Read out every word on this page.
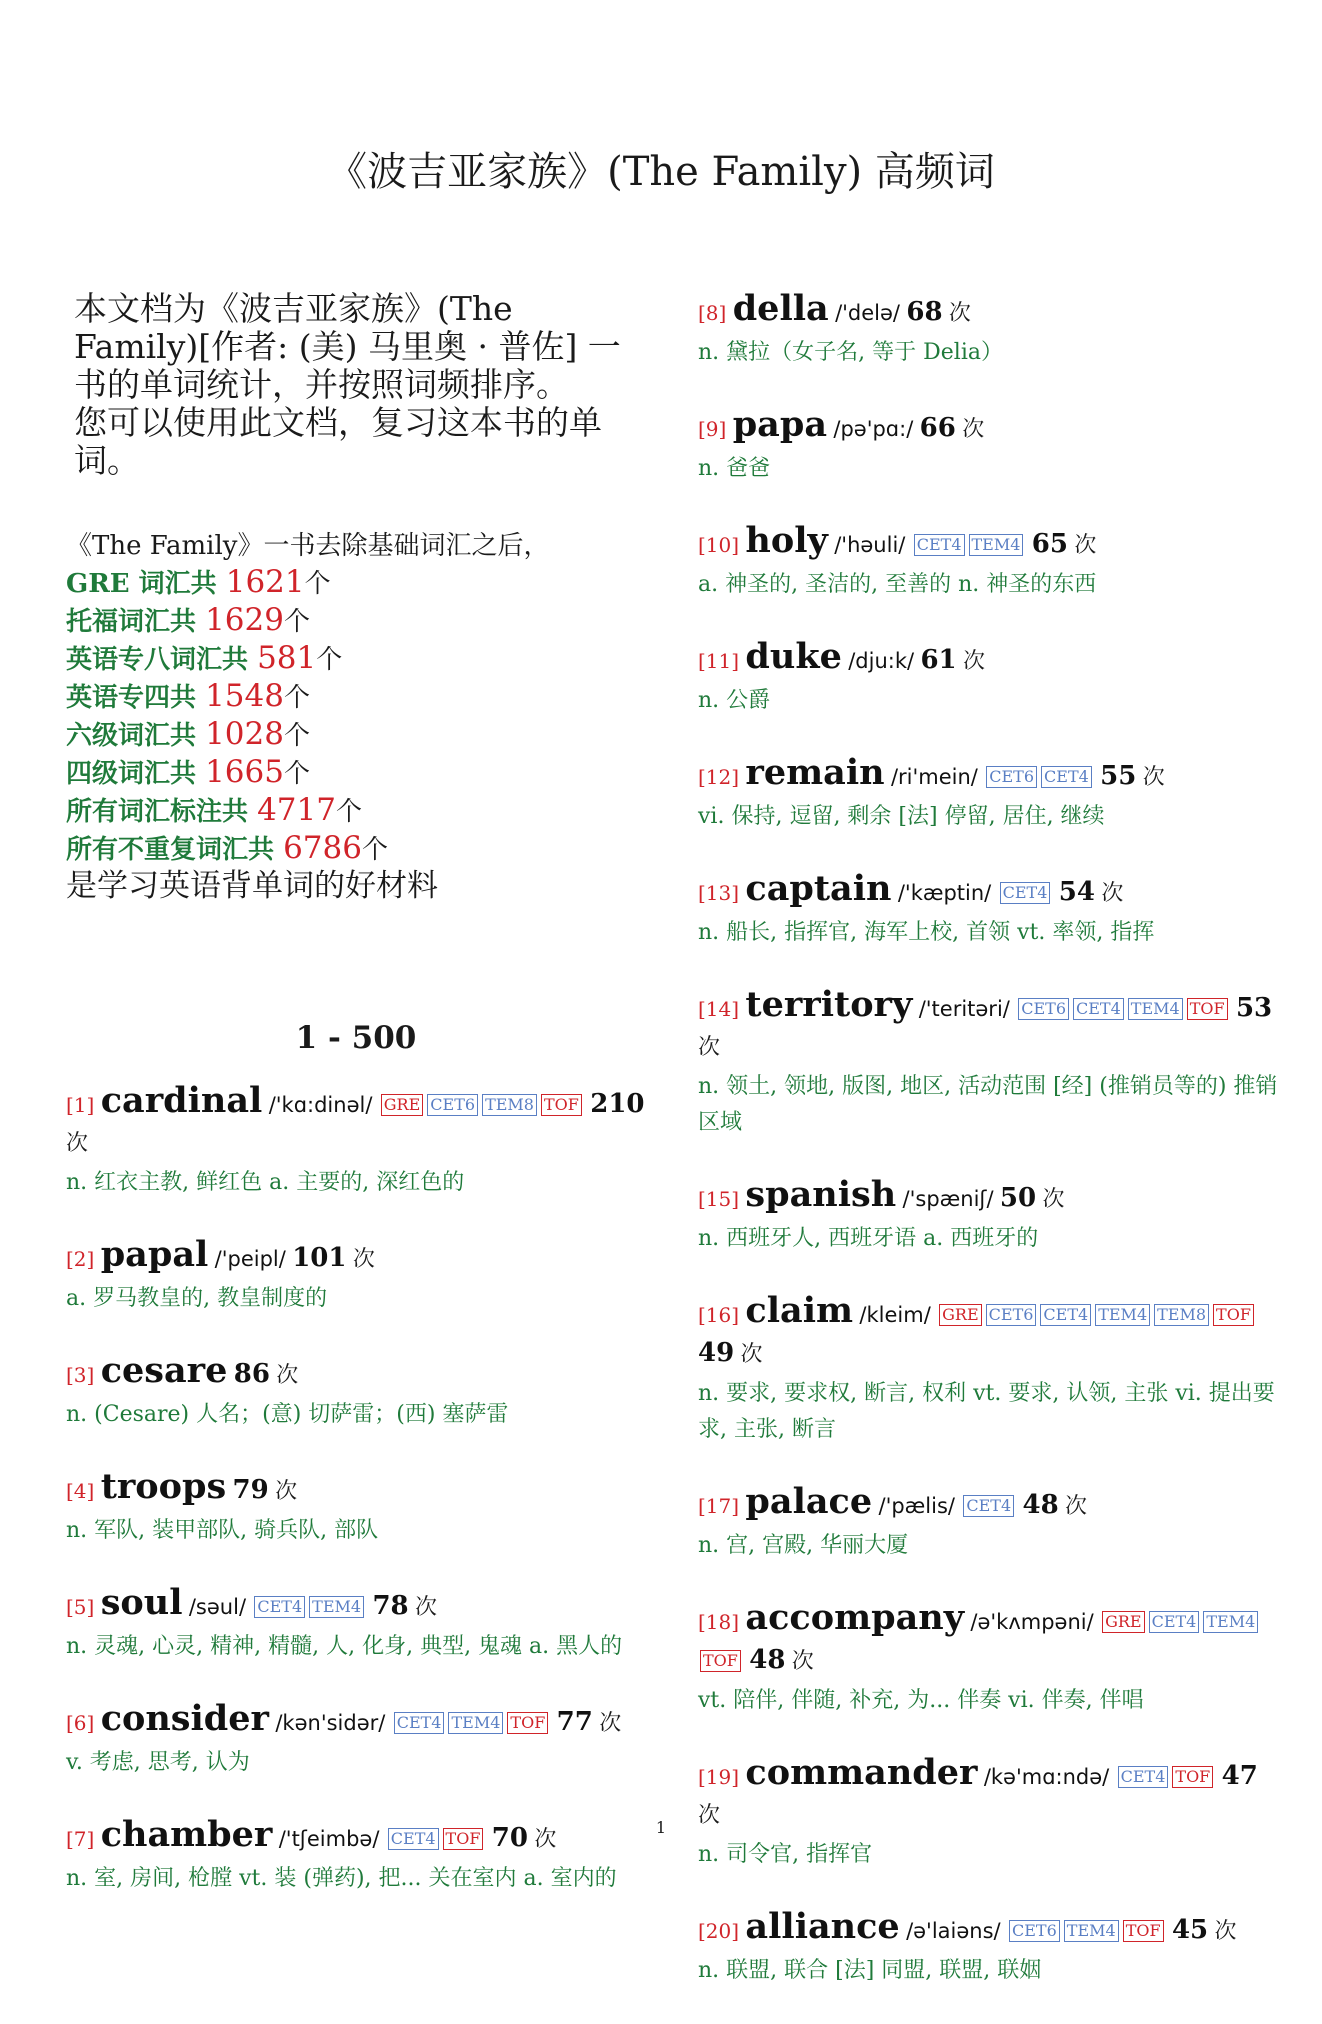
《波吉亚家族》(The Family) 高频词

本文档为《波吉亚家族》(The Family)[作者: (美) 马里奥 · 普佐] 一书的单词统计，并按照词频排序。

您可以使用此文档，复习这本书的单词。

《The Family》一书去除基础词汇之后，
GRE 词汇共 1621个
托福词汇共 1629个
英语专八词汇共 581个
英语专四共 1548个
六级词汇共 1028个
四级词汇共 1665个
所有词汇标注共 4717个
所有不重复词汇共 6786个
是学习英语背单词的好材料
1 - 500
[1] cardinal /'kɑ:dinəl/ GRE CET6 TEM8 TOF 210 次
n. 红衣主教, 鲜红色 a. 主要的, 深红色的
[2] papal /'peipl/ 101 次
a. 罗马教皇的, 教皇制度的
[3] cesare 86 次
n. (Cesare) 人名；(意) 切萨雷；(西) 塞萨雷
[4] troops 79 次
n. 军队, 装甲部队, 骑兵队, 部队
[5] soul /səul/ CET4 TEM4 78 次
n. 灵魂, 心灵, 精神, 精髓, 人, 化身, 典型, 鬼魂 a. 黑人的
[6] consider /kən'sidər/ CET4 TEM4 TOF 77 次
v. 考虑, 思考, 认为
[7] chamber /'tʃeimbə/ CET4 TOF 70 次
n. 室, 房间, 枪膛 vt. 装 (弹药), 把... 关在室内 a. 室内的
[8] della /'delə/ 68 次
n. 黛拉（女子名, 等于 Delia）
[9] papa /pə'pɑ:/ 66 次
n. 爸爸
[10] holy /'həuli/ CET4 TEM4 65 次
a. 神圣的, 圣洁的, 至善的 n. 神圣的东西
[11] duke /dju:k/ 61 次
n. 公爵
[12] remain /ri'mein/ CET6 CET4 55 次
vi. 保持, 逗留, 剩余 [法] 停留, 居住, 继续
[13] captain /'kæptin/ CET4 54 次
n. 船长, 指挥官, 海军上校, 首领 vt. 率领, 指挥
[14] territory /'teritəri/ CET6 CET4 TEM4 TOF 53 次
n. 领土, 领地, 版图, 地区, 活动范围 [经] (推销员等的) 推销区域
[15] spanish /'spæniʃ/ 50 次
n. 西班牙人, 西班牙语 a. 西班牙的
[16] claim /kleim/ GRE CET6 CET4 TEM4 TEM8 TOF 49 次
n. 要求, 要求权, 断言, 权利 vt. 要求, 认领, 主张 vi. 提出要求, 主张, 断言
[17] palace /'pælis/ CET4 48 次
n. 宫, 宫殿, 华丽大厦
[18] accompany /ə'kʌmpəni/ GRE CET4 TEM4TOF 48 次
vt. 陪伴, 伴随, 补充, 为... 伴奏 vi. 伴奏, 伴唱
[19] commander /kə'mɑ:ndə/ CET4 TOF 47 次
n. 司令官, 指挥官
[20] alliance /ə'laiəns/ CET6 TEM4 TOF 45 次
n. 联盟, 联合 [法] 同盟, 联盟, 联姻
1
